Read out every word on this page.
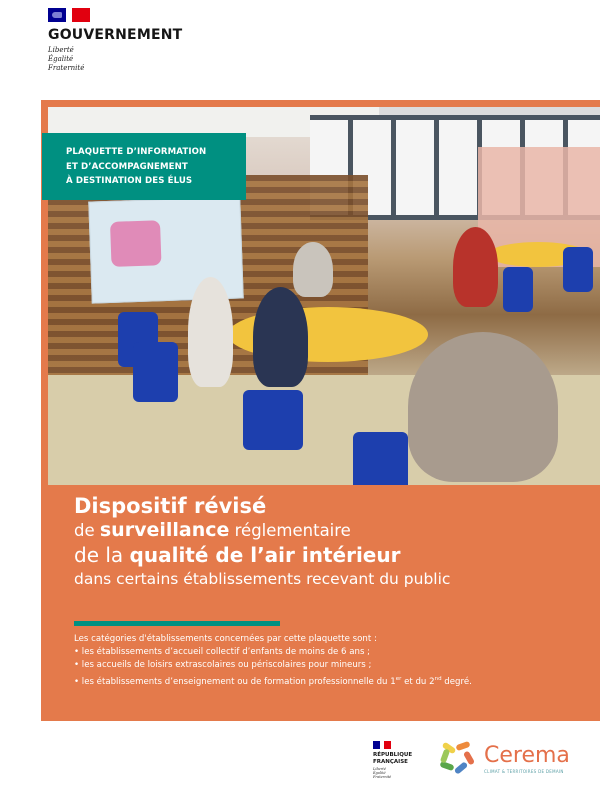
GOUVERNEMENT
Liberté
Égalité
Fraternité
PLAQUETTE D’INFORMATION
ET D’ACCOMPAGNEMENT
À DESTINATION DES ÉLUS
Dispositif révisé
de surveillance réglementaire
de la qualité de l’air intérieur
dans certains établissements recevant du public
Les catégories d'établissements concernées par cette plaquette sont :
• les établissements d’accueil collectif d’enfants de moins de 6 ans ;
• les accueils de loisirs extrascolaires ou périscolaires pour mineurs ;
• les établissements d’enseignement ou de formation professionnelle du 1er et du 2nd degré.
RÉPUBLIQUE
FRANÇAISE
Liberté
Égalité
Fraternité
Cerema
CLIMAT & TERRITOIRES DE DEMAIN
